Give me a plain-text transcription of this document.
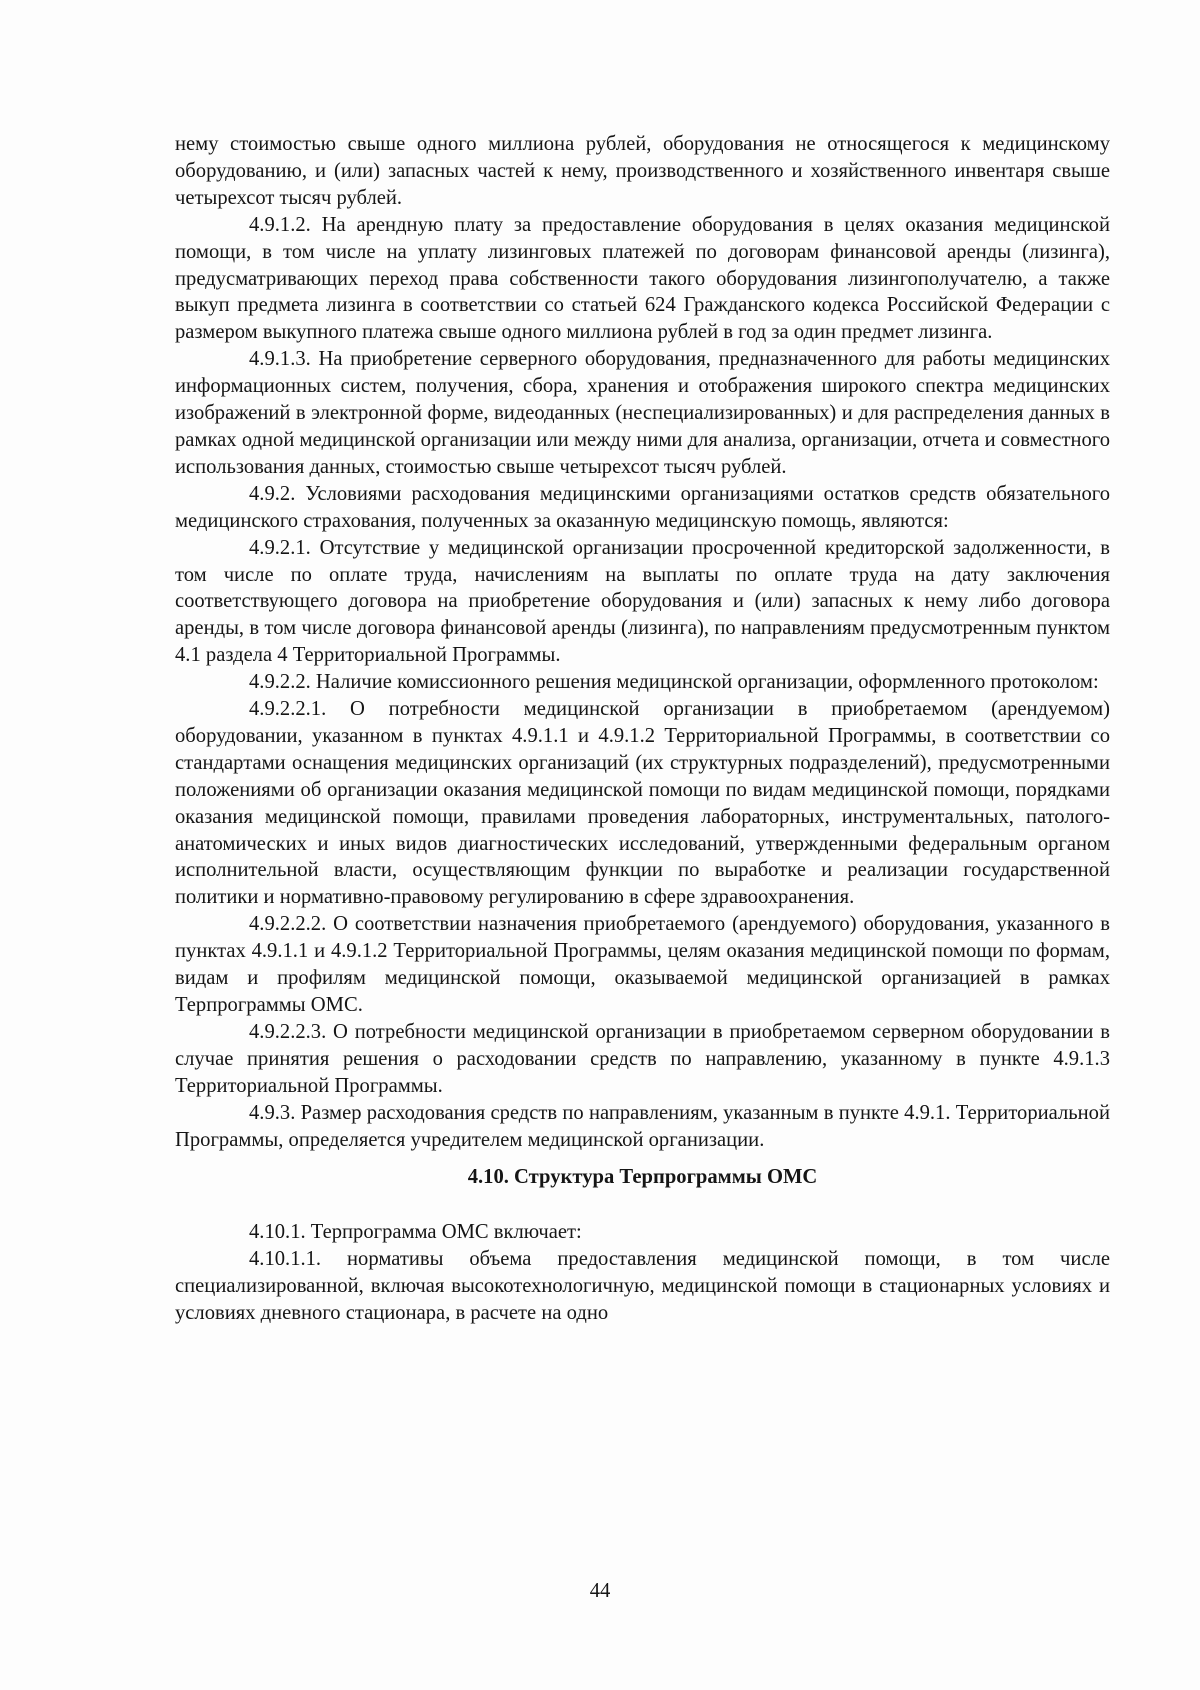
нему стоимостью свыше одного миллиона рублей, оборудования не относящегося к медицинскому оборудованию, и (или) запасных частей к нему, производственного и хозяйственного инвентаря свыше четырехсот тысяч рублей.

4.9.1.2. На арендную плату за предоставление оборудования в целях оказания медицинской помощи, в том числе на уплату лизинговых платежей по договорам финансовой аренды (лизинга), предусматривающих переход права собственности такого оборудования лизингополучателю, а также выкуп предмета лизинга в соответствии со статьей 624 Гражданского кодекса Российской Федерации с размером выкупного платежа свыше одного миллиона рублей в год за один предмет лизинга.

4.9.1.3. На приобретение серверного оборудования, предназначенного для работы медицинских информационных систем, получения, сбора, хранения и отображения широкого спектра медицинских изображений в электронной форме, видеоданных (неспециализированных) и для распределения данных в рамках одной медицинской организации или между ними для анализа, организации, отчета и совместного использования данных, стоимостью свыше четырехсот тысяч рублей.

4.9.2. Условиями расходования медицинскими организациями остатков средств обязательного медицинского страхования, полученных за оказанную медицинскую помощь, являются:

4.9.2.1. Отсутствие у медицинской организации просроченной кредиторской задолженности, в том числе по оплате труда, начислениям на выплаты по оплате труда на дату заключения соответствующего договора на приобретение оборудования и (или) запасных к нему либо договора аренды, в том числе договора финансовой аренды (лизинга), по направлениям предусмотренным пунктом 4.1 раздела 4 Территориальной Программы.

4.9.2.2. Наличие комиссионного решения медицинской организации, оформленного протоколом:

4.9.2.2.1. О потребности медицинской организации в приобретаемом (арендуемом) оборудовании, указанном в пунктах 4.9.1.1 и 4.9.1.2 Территориальной Программы, в соответствии со стандартами оснащения медицинских организаций (их структурных подразделений), предусмотренными положениями об организации оказания медицинской помощи по видам медицинской помощи, порядками оказания медицинской помощи, правилами проведения лабораторных, инструментальных, патолого-анатомических и иных видов диагностических исследований, утвержденными федеральным органом исполнительной власти, осуществляющим функции по выработке и реализации государственной политики и нормативно-правовому регулированию в сфере здравоохранения.

4.9.2.2.2. О соответствии назначения приобретаемого (арендуемого) оборудования, указанного в пунктах 4.9.1.1 и 4.9.1.2 Территориальной Программы, целям оказания медицинской помощи по формам, видам и профилям медицинской помощи, оказываемой медицинской организацией в рамках Терпрограммы ОМС.

4.9.2.2.3. О потребности медицинской организации в приобретаемом серверном оборудовании в случае принятия решения о расходовании средств по направлению, указанному в пункте 4.9.1.3 Территориальной Программы.

4.9.3. Размер расходования средств по направлениям, указанным в пункте 4.9.1. Территориальной Программы, определяется учредителем медицинской организации.

4.10. Структура Терпрограммы ОМС

4.10.1. Терпрограмма ОМС включает:

4.10.1.1. нормативы объема предоставления медицинской помощи, в том числе специализированной, включая высокотехнологичную, медицинской помощи в стационарных условиях и условиях дневного стационара, в расчете на одно

44
